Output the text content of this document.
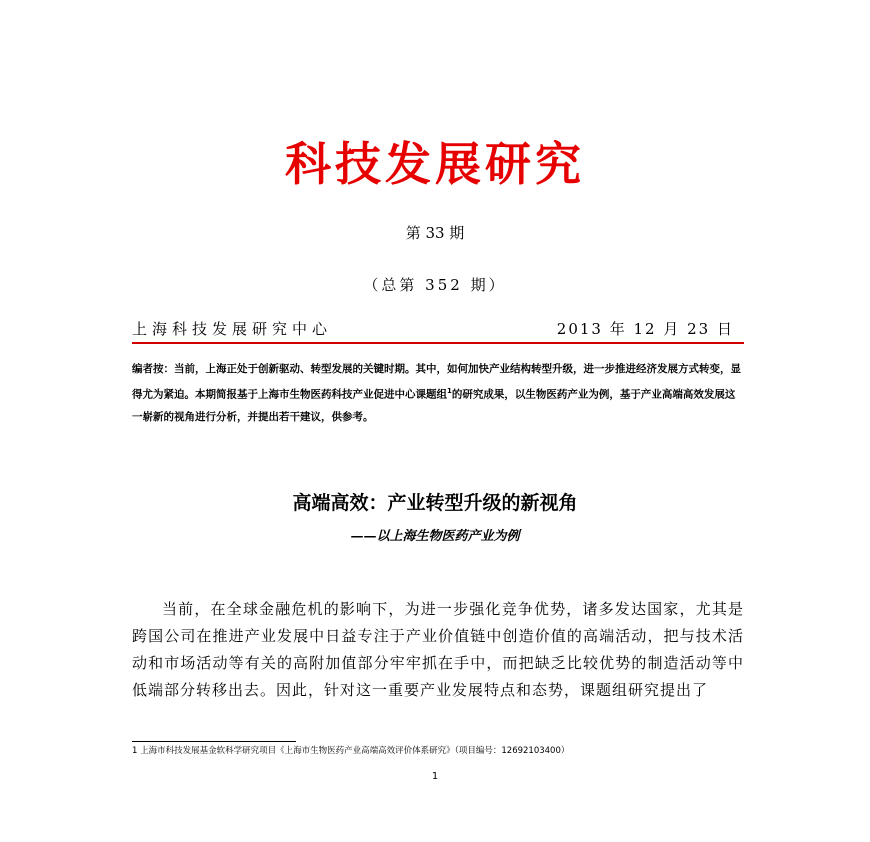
科技发展研究
第 33 期
（总第 352 期）
上海科技发展研究中心	2013 年 12 月 23 日
编者按：当前，上海正处于创新驱动、转型发展的关键时期。其中，如何加快产业结构转型升级，进一步推进经济发展方式转变，显得尤为紧迫。本期简报基于上海市生物医药科技产业促进中心课题组$^1$的研究成果，以生物医药产业为例，基于产业高端高效发展这一崭新的视角进行分析，并提出若干建议，供参考。
高端高效：产业转型升级的新视角
——以上海生物医药产业为例
当前，在全球金融危机的影响下，为进一步强化竞争优势，诸多发达国家，尤其是跨国公司在推进产业发展中日益专注于产业价值链中创造价值的高端活动，把与技术活动和市场活动等有关的高附加值部分牢牢抓在手中，而把缺乏比较优势的制造活动等中低端部分转移出去。因此，针对这一重要产业发展特点和态势，课题组研究提出了
1 上海市科技发展基金软科学研究项目《上海市生物医药产业高端高效评价体系研究》（项目编号：12692103400）
1
